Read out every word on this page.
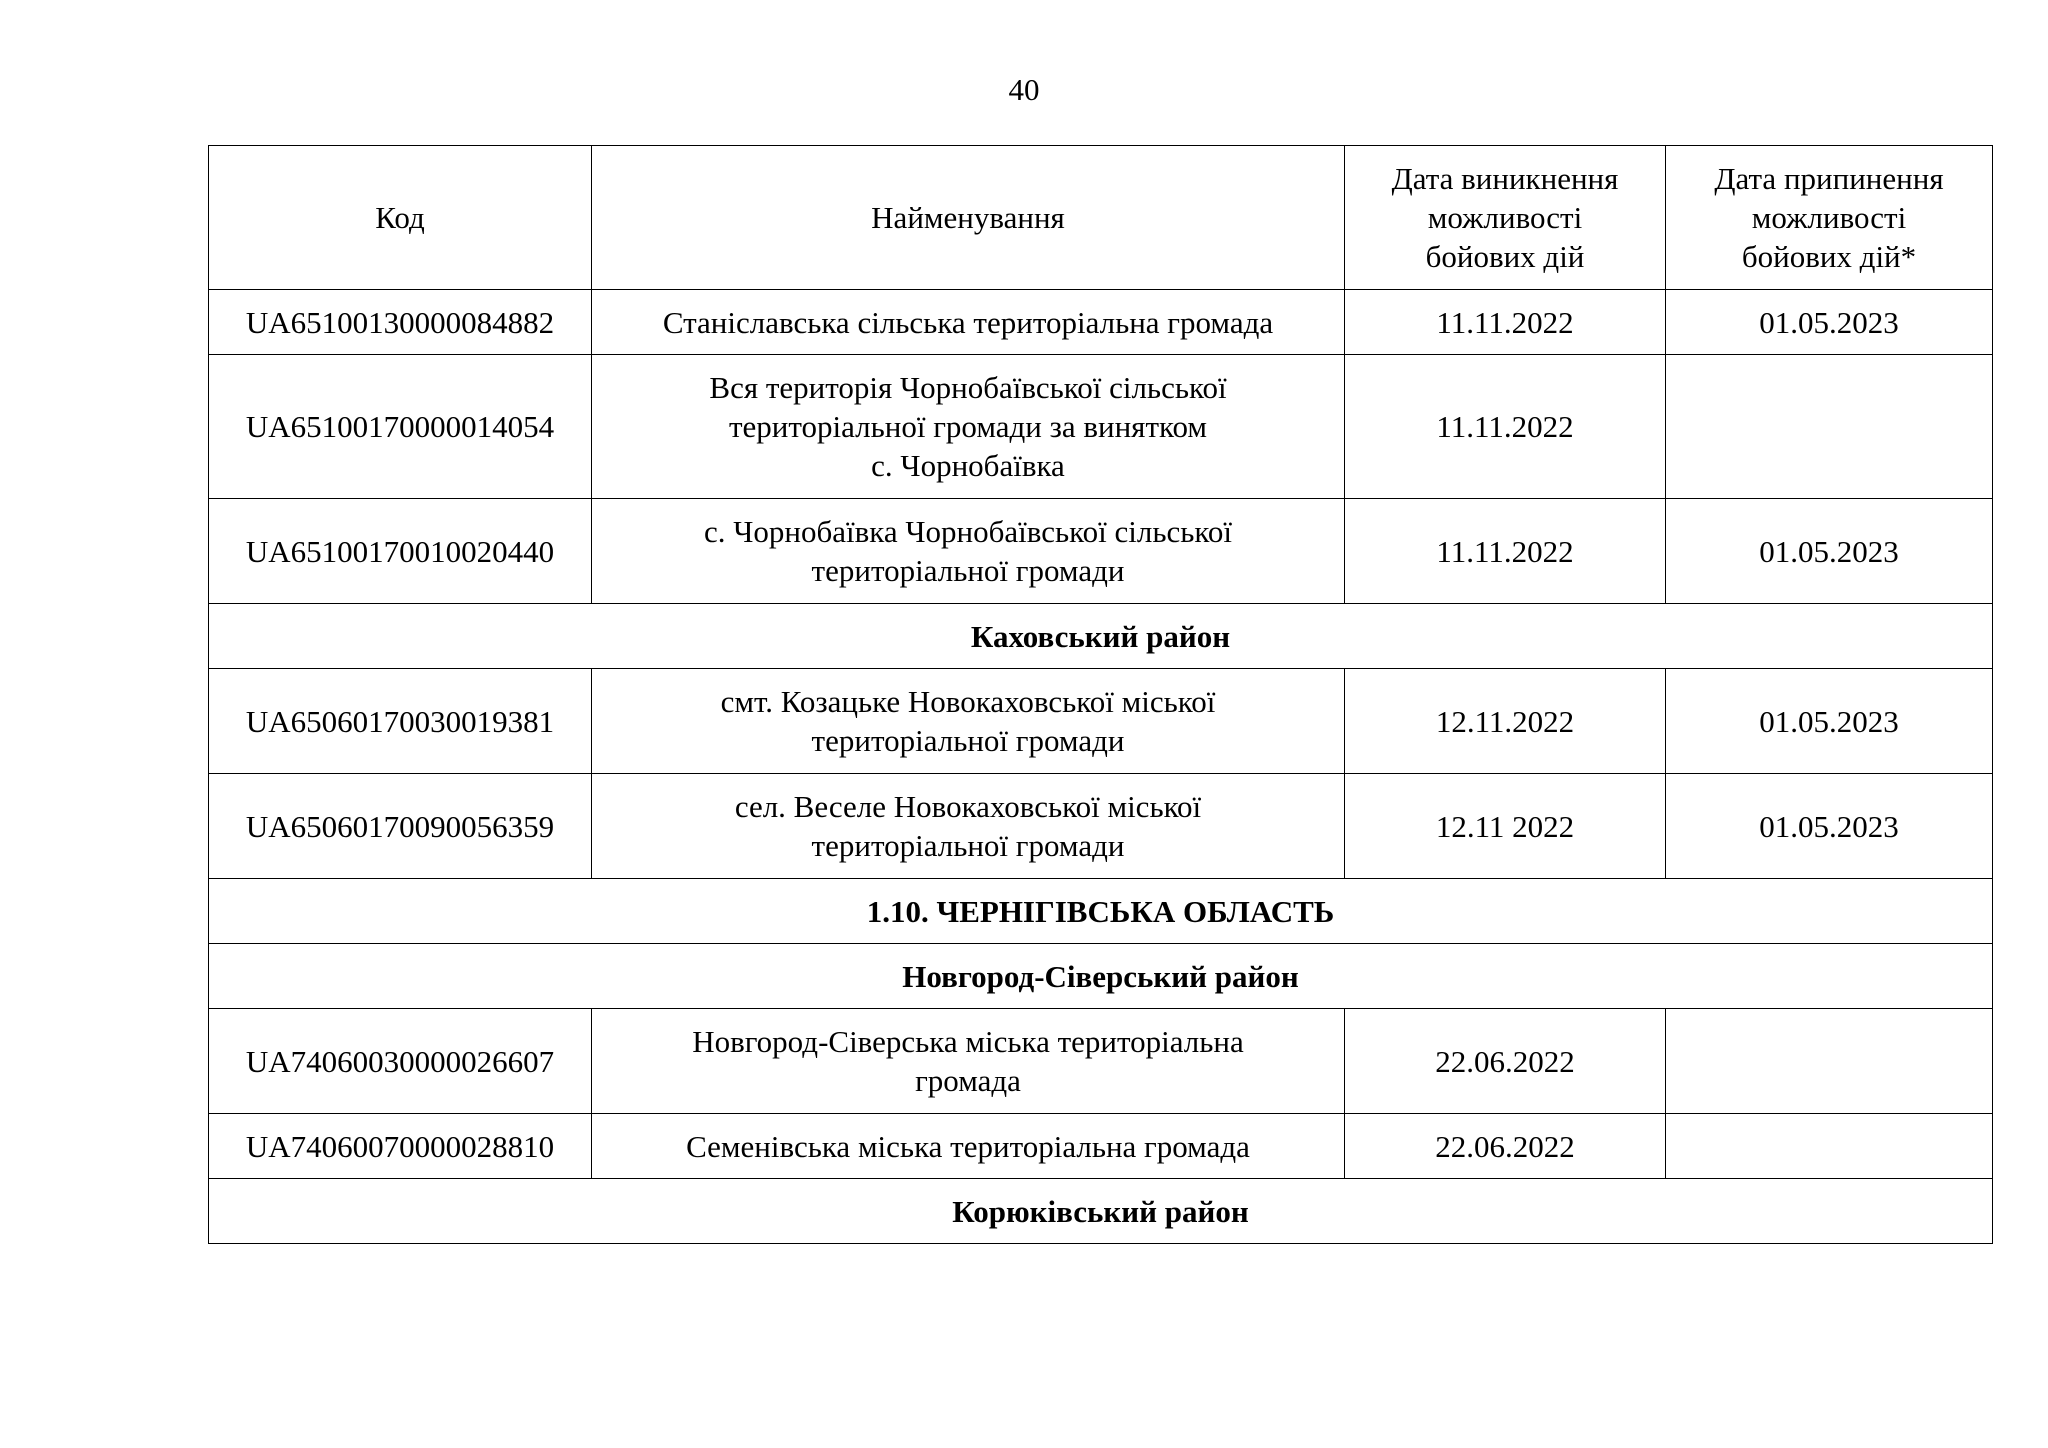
40
Код	Найменування	Дата виникнення
можливості
бойових дій	Дата припинення
можливості
бойових дій*
UA65100130000084882	Станіславська сільська територіальна громада	11.11.2022	01.05.2023
UA65100170000014054	Вся територія Чорнобаївської сільської
територіальної громади за винятком
с. Чорнобаївка	11.11.2022	
UA65100170010020440	с. Чорнобаївка Чорнобаївської сільської
територіальної громади	11.11.2022	01.05.2023
Каховський район			
UA65060170030019381	смт. Козацьке Новокаховської міської
територіальної громади	12.11.2022	01.05.2023
UA65060170090056359	сел. Веселе Новокаховської міської
територіальної громади	12.11 2022	01.05.2023
1.10. ЧЕРНІГІВСЬКА ОБЛАСТЬ			
Новгород-Сіверський район			
UA74060030000026607	Новгород-Сіверська міська територіальна
громада	22.06.2022	
UA74060070000028810	Семенівська міська територіальна громада	22.06.2022	
Корюківський район			
